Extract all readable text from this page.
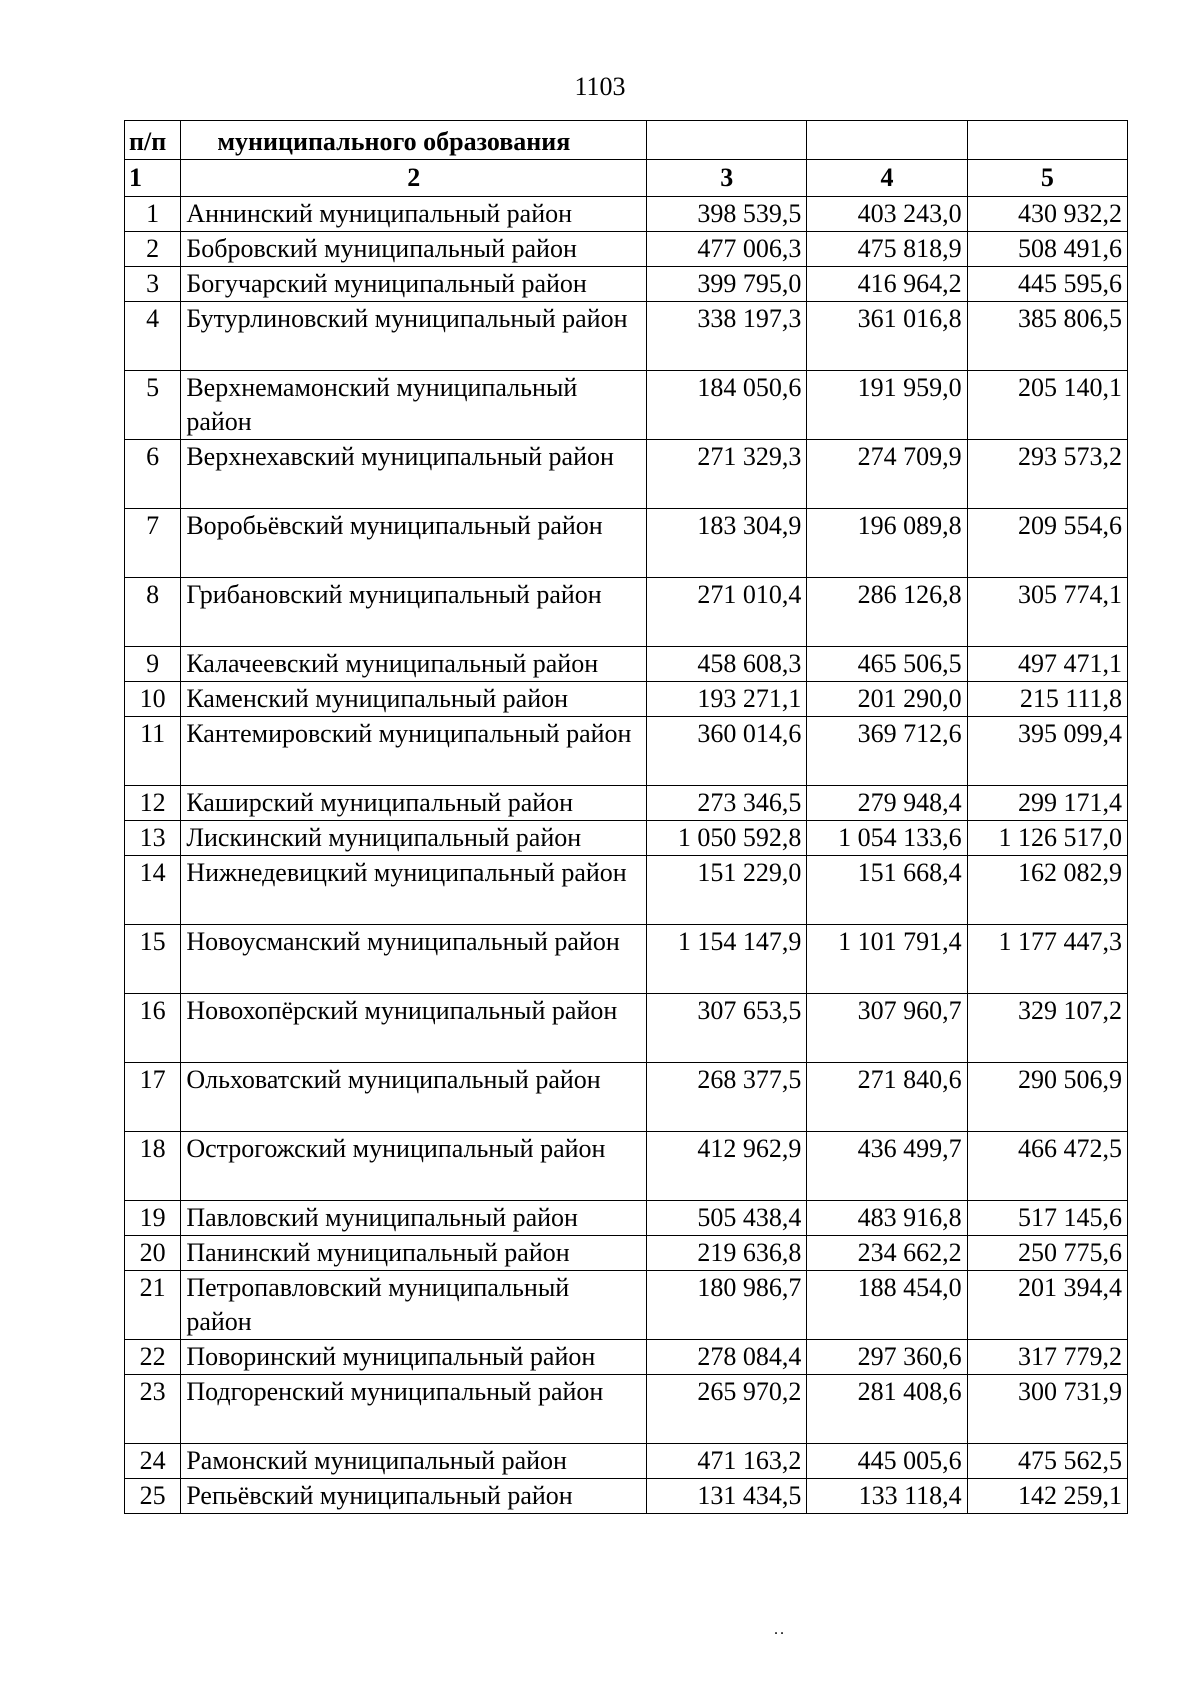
1103
п/п	муниципального образования			
1	2	3	4	5
1	Аннинский муниципальный район	398 539,5	403 243,0	430 932,2
2	Бобровский муниципальный район	477 006,3	475 818,9	508 491,6
3	Богучарский муниципальный район	399 795,0	416 964,2	445 595,6
4	Бутурлиновский муниципальный район	338 197,3	361 016,8	385 806,5
5	Верхнемамонский муниципальный район	184 050,6	191 959,0	205 140,1
6	Верхнехавский муниципальный район	271 329,3	274 709,9	293 573,2
7	Воробьёвский муниципальный район	183 304,9	196 089,8	209 554,6
8	Грибановский муниципальный район	271 010,4	286 126,8	305 774,1
9	Калачеевский муниципальный район	458 608,3	465 506,5	497 471,1
10	Каменский муниципальный район	193 271,1	201 290,0	215 111,8
11	Кантемировский муниципальный район	360 014,6	369 712,6	395 099,4
12	Каширский муниципальный район	273 346,5	279 948,4	299 171,4
13	Лискинский муниципальный район	1 050 592,8	1 054 133,6	1 126 517,0
14	Нижнедевицкий муниципальный район	151 229,0	151 668,4	162 082,9
15	Новоусманский муниципальный район	1 154 147,9	1 101 791,4	1 177 447,3
16	Новохопёрский муниципальный район	307 653,5	307 960,7	329 107,2
17	Ольховатский муниципальный район	268 377,5	271 840,6	290 506,9
18	Острогожский муниципальный район	412 962,9	436 499,7	466 472,5
19	Павловский муниципальный район	505 438,4	483 916,8	517 145,6
20	Панинский муниципальный район	219 636,8	234 662,2	250 775,6
21	Петропавловский муниципальный район	180 986,7	188 454,0	201 394,4
22	Поворинский муниципальный район	278 084,4	297 360,6	317 779,2
23	Подгоренский муниципальный район	265 970,2	281 408,6	300 731,9
24	Рамонский муниципальный район	471 163,2	445 005,6	475 562,5
25	Репьёвский муниципальный район	131 434,5	133 118,4	142 259,1
˙˙
